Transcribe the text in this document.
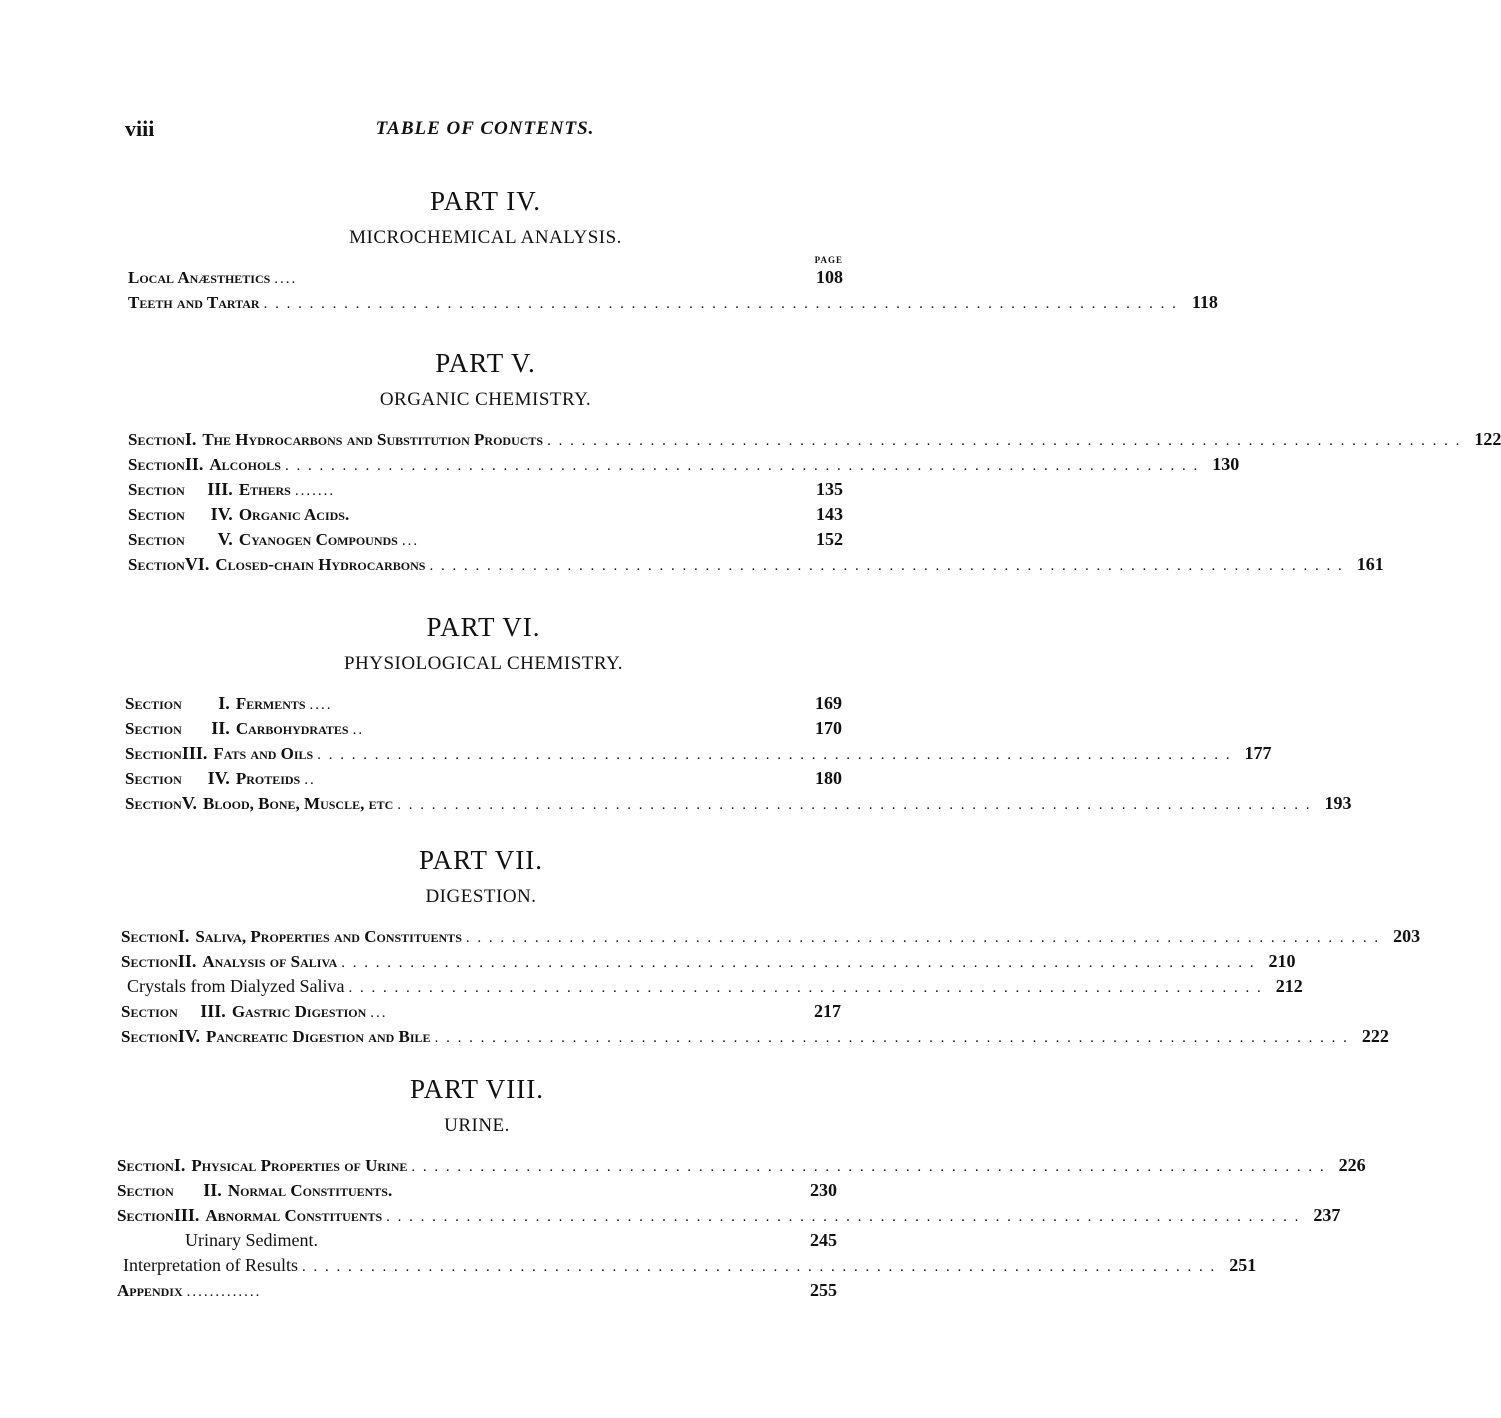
viii	TABLE OF CONTENTS.
PART IV.
MICROCHEMICAL ANALYSIS.
PAGE
Local Anæsthetics ....	108
Teeth and Tartar . . . . . . . . . . . . . . . . . . . . . . . . . . . . . . . . . . . . . . . . . . . . . . . . . . . . . . . . . . . . . . . . . . . . . . . . . . . . . . . . 118
PART V.
ORGANIC CHEMISTRY.
Section I. The Hydrocarbons and Substitution Products . . . . . . . . . . . . . . . . . . . . . . . . . . . . . . . . . . . . . . . . . . . . . . . . . . . . . . . . . . . . . . . . . . . . . . . . . . . . . . . . 122
Section II. Alcohols . . . . . . . . . . . . . . . . . . . . . . . . . . . . . . . . . . . . . . . . . . . . . . . . . . . . . . . . . . . . . . . . . . . . . . . . . . . . . . . . 130
Section	III. Ethers .......	135
Section	IV. Organic Acids.	143
Section	V. Cyanogen Compounds ...	152
Section VI. Closed-chain Hydrocarbons . . . . . . . . . . . . . . . . . . . . . . . . . . . . . . . . . . . . . . . . . . . . . . . . . . . . . . . . . . . . . . . . . . . . . . . . . . . . . . . . 161
PART VI.
PHYSIOLOGICAL CHEMISTRY.
Section	I. Ferments ....	169
Section	II. Carbohydrates ..	170
Section III. Fats and Oils . . . . . . . . . . . . . . . . . . . . . . . . . . . . . . . . . . . . . . . . . . . . . . . . . . . . . . . . . . . . . . . . . . . . . . . . . . . . . . . . 177
Section	IV. Proteids ..	180
Section V. Blood, Bone, Muscle, etc . . . . . . . . . . . . . . . . . . . . . . . . . . . . . . . . . . . . . . . . . . . . . . . . . . . . . . . . . . . . . . . . . . . . . . . . . . . . . . . . 193
PART VII.
DIGESTION.
Section I. Saliva, Properties and Constituents . . . . . . . . . . . . . . . . . . . . . . . . . . . . . . . . . . . . . . . . . . . . . . . . . . . . . . . . . . . . . . . . . . . . . . . . . . . . . . . . 203
Section II. Analysis of Saliva . . . . . . . . . . . . . . . . . . . . . . . . . . . . . . . . . . . . . . . . . . . . . . . . . . . . . . . . . . . . . . . . . . . . . . . . . . . . . . . . 210
Crystals from Dialyzed Saliva . . . . . . . . . . . . . . . . . . . . . . . . . . . . . . . . . . . . . . . . . . . . . . . . . . . . . . . . . . . . . . . . . . . . . . . . . . . . . . . . 212
Section	III. Gastric Digestion ...	217
Section IV. Pancreatic Digestion and Bile . . . . . . . . . . . . . . . . . . . . . . . . . . . . . . . . . . . . . . . . . . . . . . . . . . . . . . . . . . . . . . . . . . . . . . . . . . . . . . . . 222
PART VIII.
URINE.
Section I. Physical Properties of Urine . . . . . . . . . . . . . . . . . . . . . . . . . . . . . . . . . . . . . . . . . . . . . . . . . . . . . . . . . . . . . . . . . . . . . . . . . . . . . . . . 226
Section	II. Normal Constituents.	230
Section III. Abnormal Constituents . . . . . . . . . . . . . . . . . . . . . . . . . . . . . . . . . . . . . . . . . . . . . . . . . . . . . . . . . . . . . . . . . . . . . . . . . . . . . . . . 237
Urinary Sediment.	245
Interpretation of Results . . . . . . . . . . . . . . . . . . . . . . . . . . . . . . . . . . . . . . . . . . . . . . . . . . . . . . . . . . . . . . . . . . . . . . . . . . . . . . . . 251
Appendix .............	255
